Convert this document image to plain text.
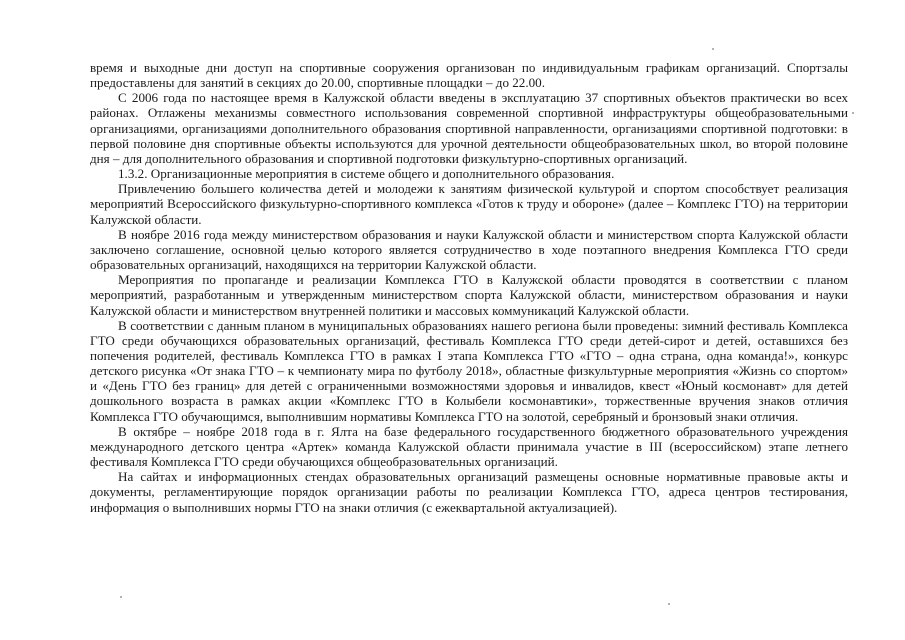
время и выходные дни доступ на спортивные сооружения организован по индивидуальным графикам организаций. Спортзалы предоставлены для занятий в секциях до 20.00, спортивные площадки – до 22.00.

С 2006 года по настоящее время в Калужской области введены в эксплуатацию 37 спортивных объектов практически во всех районах. Отлажены механизмы совместного использования современной спортивной инфраструктуры общеобразовательными организациями, организациями дополнительного образования спортивной направленности, организациями спортивной подготовки: в первой половине дня спортивные объекты используются для урочной деятельности общеобразовательных школ, во второй половине дня – для дополнительного образования и спортивной подготовки физкультурно-спортивных организаций.

1.3.2. Организационные мероприятия в системе общего и дополнительного образования.

Привлечению большего количества детей и молодежи к занятиям физической культурой и спортом способствует реализация мероприятий Всероссийского физкультурно-спортивного комплекса «Готов к труду и обороне» (далее – Комплекс ГТО) на территории Калужской области.

В ноябре 2016 года между министерством образования и науки Калужской области и министерством спорта Калужской области заключено соглашение, основной целью которого является сотрудничество в ходе поэтапного внедрения Комплекса ГТО среди образовательных организаций, находящихся на территории Калужской области.

Мероприятия по пропаганде и реализации Комплекса ГТО в Калужской области проводятся в соответствии с планом мероприятий, разработанным и утвержденным министерством спорта Калужской области, министерством образования и науки Калужской области и министерством внутренней политики и массовых коммуникаций Калужской области.

В соответствии с данным планом в муниципальных образованиях нашего региона были проведены: зимний фестиваль Комплекса ГТО среди обучающихся образовательных организаций, фестиваль Комплекса ГТО среди детей-сирот и детей, оставшихся без попечения родителей, фестиваль Комплекса ГТО в рамках I этапа Комплекса ГТО «ГТО – одна страна, одна команда!», конкурс детского рисунка «От знака ГТО – к чемпионату мира по футболу 2018», областные физкультурные мероприятия «Жизнь со спортом» и «День ГТО без границ» для детей с ограниченными возможностями здоровья и инвалидов, квест «Юный космонавт» для детей дошкольного возраста в рамках акции «Комплекс ГТО в Колыбели космонавтики», торжественные вручения знаков отличия Комплекса ГТО обучающимся, выполнившим нормативы Комплекса ГТО на золотой, серебряный и бронзовый знаки отличия.

В октябре – ноябре 2018 года в г. Ялта на базе федерального государственного бюджетного образовательного учреждения международного детского центра «Артек» команда Калужской области принимала участие в III (всероссийском) этапе летнего фестиваля Комплекса ГТО среди обучающихся общеобразовательных организаций.

На сайтах и информационных стендах образовательных организаций размещены основные нормативные правовые акты и документы, регламентирующие порядок организации работы по реализации Комплекса ГТО, адреса центров тестирования, информация о выполнивших нормы ГТО на знаки отличия (с ежеквартальной актуализацией).
